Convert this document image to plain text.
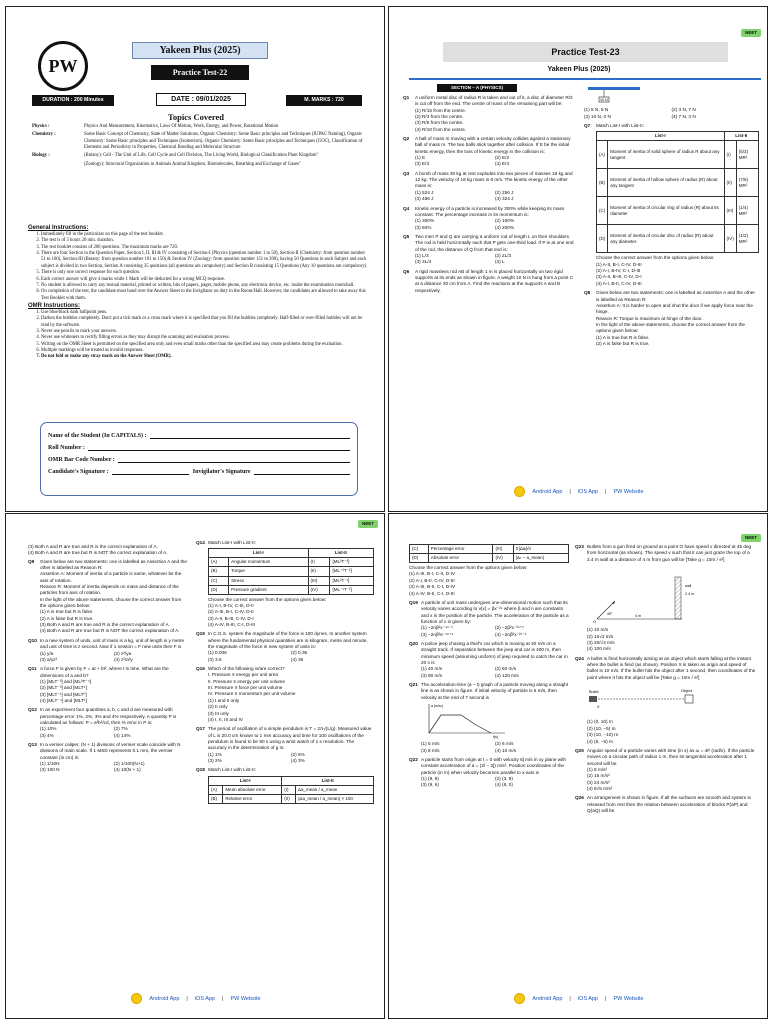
PW
Yakeen Plus (2025)
Practice Test-22
DURATION : 200 Minutes	DATE : 09/01/2025	M. MARKS : 720
Topics Covered
Physics :	Physics And Measurement, Kinematics, Laws Of Motion, Work, Energy, and Power, Rotational Motion
Chemistry :	Some Basic Concept of Chemistry, State of Matter Solutions, Organic Chemistry: Some Basic principles and Techniques (IUPAC Naming), Organic Chemistry: Some Basic principles and Techniques (Isomerism), Organic Chemistry: Some Basic principles and Techniques (GOC), Classification of Elements and Periodicity in Properties, Chemical Bonding and Molecular Structure
Biology :	(Botany): Cell - The Unit of Life, Cell Cycle and Cell Division, The Living World, Biological Classification Plant Kingdom"
(Zoology): Structural Organization in Animals Animal Kingdom, Biomolecules, Breathing and Exchange of Gases"
General Instructions:
1. Immediately fill in the particulars on this page of the test booklet.
2. The test is of 3 hours 20 min. duration.
3. The test booklet consists of 200 questions. The maximum marks are 720.
4. There are four Section in the Question Paper, Section I, II, III & IV consisting of Section-I (Physics (question number 1 to 50), Section-II (Chemistry: from question number 51 to 100), Section-III (Botany: from question number 101 to 150) & Section IV (Zoology: from question number 151 to 200), having 50 Questions in each Subject and each subject is divided in two Section, Section A consisting 35 questions (all questions are compulsory) and Section B consisting 15 Questions (Any 10 questions are compulsory).
5. There is only one correct response for each question.
6. Each correct answer will give 4 marks while 1 Mark will be deducted for a wrong MCQ response.
7. No student is allowed to carry any textual material, printed or written, bits of papers, pager, mobile phone, any electronic device, etc. inside the examination room/hall.
8. On completion of the test, the candidate must hand over the Answer Sheet to the Invigilator on duty in the Room/Hall. However, the candidates are allowed to take away this Test Booklet with them.
OMR Instructions:
1. Use blue/black dark ballpoint pens.
2. Darken the bubbles completely. Don't put a tick mark or a cross mark where it is specified that you fill the bubbles completely. Half-filled or over-filled bubbles will not be read by the software.
3. Never use pencils to mark your answers.
4. Never use whiteners to rectify filling errors as they may disrupt the scanning and evaluation process.
5. Writing on the OMR Sheet is permitted on the specified area only and even small marks other than the specified area may create problems during the evaluation.
6. Multiple markings will be treated as invalid responses.
7. Do not fold or make any stray mark on the Answer Sheet (OMR).
Name of the Student (In CAPITALS) :
Roll Number :
OMR Bar Code Number :
Candidate's Signature :	Invigilator's Signature
NEET
Practice Test-23
Yakeen Plus (2025)
SECTION – A (PHYSICS)
Q1	A uniform metal disc of radius R is taken and out of it, a disc of diameter R/2 is cut off from the end. The centre of mass of the remaining part will be:
(1) R/15 from the centre.
(2) R/3 from the centre.
(3) R/5 from the centre.
(4) R/10 from the centre.
Q2	A ball of mass m moving with a certain velocity collides against a stationary ball of mass m. The two balls stick together after collision. If E be the initial kinetic energy, then the loss of kinetic energy in the collision is:
(1) E	(2) E/2
(3) E/3	(4) E/4
Q3	A bomb of mass 30 kg at rest explodes into two pieces of masses 18 kg and 12 kg. The velocity of 18 kg mass is 6 m/s. The kinetic energy of the other mass is:
(1) 524 J	(2) 256 J
(3) 486 J	(4) 324 J
Q4	Kinetic energy of a particle is increased by 300% while keeping its mass constant. The percentage increase in its momentum is:
(1) 300%	(2) 100%
(3) 50%	(4) 200%
Q5	Two men P and Q are carrying a uniform rod of length L on their shoulders. The rod is held horizontally such that P gets one-third load. If P is at one end of the rod, the distance of Q from that end is:
(1) L/3	(2) 2L/3
(3) 3L/4	(4) L
Q6	A rigid massless rod AB of length 1 m is placed horizontally on two rigid supports at its ends as shown in figure. A weight 10 N is hung from a point C at a distance 30 cm from A. Find the reactions at the supports A and B respectively.
10 N
(1) 5 N, 5 N	(2) 3 N, 7 N
(3) 10 N, 0 N	(4) 7 N, 3 N
Q7	Match List-I with List-II:
List-I		List-II	
(A)	Moment of inertia of solid sphere of radius R about any tangent	(I)	(5/3) MR²
(B)	Moment of inertia of hollow sphere of radius (R) about any tangent	(II)	(7/5) MR²
(C)	Moment of inertia of circular ring of radius (R) about its diameter	(III)	(1/4) MR²
(D)	Moment of inertia of circular disc of radius (R) about any diameter.	(IV)	(1/2) MR²
Choose the correct answer from the options given below:
(1) A-II, B-I, C-IV, D-III
(2) A-I, B-IV, C-I, D-III
(3) A-II, B-III, C-IV, D-I
(4) A-I, B-II, C-IV, D-III
Q8	Given below are two statements: one is labelled as Assertion A and the other is labelled as Reason R:
Assertion A: It is harder to open and shut the door if we apply force near the hinge.
Reason R: Torque is maximum at hinge of the door.
In the light of the above statements, choose the correct answer from the options given below:
(1) A is true but R is false.
(2) A is false but R is true.
Android App | iOS App | PW Website
NEET
(3) Both A and R are true and R is the correct explanation of A.
(4) Both A and R are true but R is NOT the correct explanation of A.
Q9	Given below are two statements: one is labelled as Assertion A and the other is labelled as Reason R:
Assertion A: Moment of inertia of a particle is same, whatever be the axis of rotation.
Reason R: Moment of inertia depends on mass and distance of the particles from axis of rotation.
In the light of the above statements, choose the correct answer from the options given below:
(1) A is true but R is false.
(2) A is false but R is true.
(3) Both A and R are true and R is the correct explanation of A.
(4) Both A and R are true but R is NOT the correct explanation of A.
Q10 In a new system of units, unit of mass is a kg, unit of length is y metre and unit of time is z second. Now if 1 newton = F new units then F is
(1) y/a	(2) z²/ya
(3) a/yz²	(4) z²/a²y
Q11 A force F is given by F = at + bt², where t is time. What are the dimensions of a and b?
(1) [MLT⁻³] and [ML²T⁻⁴]
(2) [MLT⁻³] and [MLT⁴]
(3) [MLT⁻¹] and [MLT⁰]
(4) [MLT⁻⁴] and [MLT¹]
Q12 In an experiment four quantities a, b, c and d are measured with percentage error 1%, 2%, 3% and 4% respectively. A quantity P is calculated as follows: P = a³b²/cd, then % error in P is:
(1) 10%	(2) 7%
(3) 4%	(4) 14%
Q13 In a vernier caliper, (N + 1) divisions of vernier scale coincide with N divisions of main scale. If 1 MSD represents 0.1 mm, the vernier constant (in cm) is:
(1) 1/10N	(2) 1/100(N+1)
(3) 100 N	(4) 10(N + 1)
Q14 Match List-I with List-II:
List-I		List-II	
(A)	Angular momentum	(I)	[ML²T⁻²]
(B)	Torque	(II)	[ML⁻²T⁻²]
(C)	Stress	(III)	[ML²T⁻¹]
(D)	Pressure gradient	(IV)	[ML⁻¹T⁻²]
Choose the correct answer from the options given below:
(1) A-I, B-IV, C-III, D-II
(2) A-III, B-I, C-IV, D-II
(3) A-II, B-III, C-IV, D-I
(4) A-IV, B-III, C-I, D-III
Q15 In C.G.S. system the magnitude of the force is 100 dynes. In another system where the fundamental physical quantities are in kilogram, metre and minute, the magnitude of the force in new system of units is:
(1) 0.036	(2) 0.36
(3) 3.6	(4) 36
Q16 Which of the following is/are correct?
I. Pressure ≡ energy per unit area
II. Pressure ≡ energy per unit volume
III. Pressure ≡ force per unit volume
IV. Pressure ≡ momentum per unit volume
(1) I and II only
(2) II only
(3) III only
(4) I, II, III and IV
Q17 The period of oscillation of a simple pendulum is T = 2π√(L/g). Measured value of L is 20.0 cm known to 1 mm accuracy and time for 100 oscillations of the pendulum is found to be 90 s using a wrist watch of 1 s resolution. The accuracy in the determination of g is:
(1) 1%	(2) 5%
(3) 2%	(4) 3%
Q18 Match List-I with List-II:
List-I		List-II	
(A)	Mean absolute error	(I)	Δa_mean / a_mean
(B)	Relative error	(II)	(Δa_mean / a_mean) × 100
Android App | iOS App | PW Website
NEET
(C)	Percentage error	(III)	Σ|Δaᵢ|/n
(D)	Absolute error	(IV)	|aₙ − a_mean|
Choose the correct answer from the options given below:
(1) A-III, B-I, C-II, D-IV
(2) A-I, B-II, C-IV, D-III
(3) A-III, B-II, C-I, D-IV
(4) A-IV, B-II, C-I, D-III
Q19 A particle of unit mass undergoes one-dimensional motion such that its velocity varies according to v(x) = βx⁻²ⁿ where β and n are constants and x is the position of the particle. The acceleration of the particle as a function of x is given by:
(1) −2nβ²x⁻⁴ⁿ⁻¹	(2) −2β²x⁻²ⁿ⁺¹
(3) −2nβ²e⁻⁴ⁿ⁺¹	(4) −2nβ²x⁻²ⁿ⁻¹
Q20 A police jeep chasing a thief's car which is moving at 40 m/s on a straight track. If separation between the jeep and car is 400 m, then minimum speed (assuming uniform) of jeep required to catch the car in 20 s is
(1) 40 m/s	(2) 60 m/s
(3) 80 m/s	(4) 120 m/s
Q21 The acceleration-time (a – t) graph of a particle moving along a straight line is as shown in figure. If initial velocity of particle is 5 m/s, then velocity at the end of 7 second is
a (m/s²)
t(s)
(1) 5 m/s	(2) 6 m/s
(3) 8 m/s	(4) 10 m/s
Q22 A particle starts from origin at t = 0 with velocity 6ĵ m/s in xy plane with constant acceleration of a = (2î − 2ĵ) m/s². Position coordinates of the particle (in m) when velocity becomes parallel to x-axis is
(1) (9, 9)	(2) (3, 9)
(3) (9, 6)	(4) (6, 0)
Q23 Bullets from a gun fired on ground at a point O have speed v directed at 45 deg from horizontal (as shown). The speed v such that it can just graze the top of a 2.4 m wall at a distance of 4 m from gun will be [Take g = 10m / s²]
O
45°	4 m
wall
2.4 m
(1) 10 m/s
(2) 10√2 m/s
(3) 20/√3 m/s
(4) 100 m/s
Q24 A bullet is fired horizontally aiming at an object which starts falling at the instant when the bullet is fired (as shown). Position X is taken as origin and speed of bullet is 10 m/s. If the bullet hits the object after 1 second, then coordinates of the point where it hits the object will be [Take g = 10m / s²]
Bullet	Object
X
(1) (0, 10) m
(2) (10, −5) m
(3) (10, −10) m
(4) (5, −5) m
Q25 Angular speed of a particle varies with time (in s) as ω = 4t² (rad/s). If the particle moves on a circular path of radius 1 m, then its tangential acceleration after 1 second will be
(1) 8 m/s²
(2) 16 m/s²
(3) 24 m/s²
(4) 8√5 m/s²
Q26 An arrangement is shown in figure. If all the surfaces are smooth and system is released from rest then the relation between acceleration of blocks P(aP) and Q(aQ) will be
Android App | iOS App | PW Website
